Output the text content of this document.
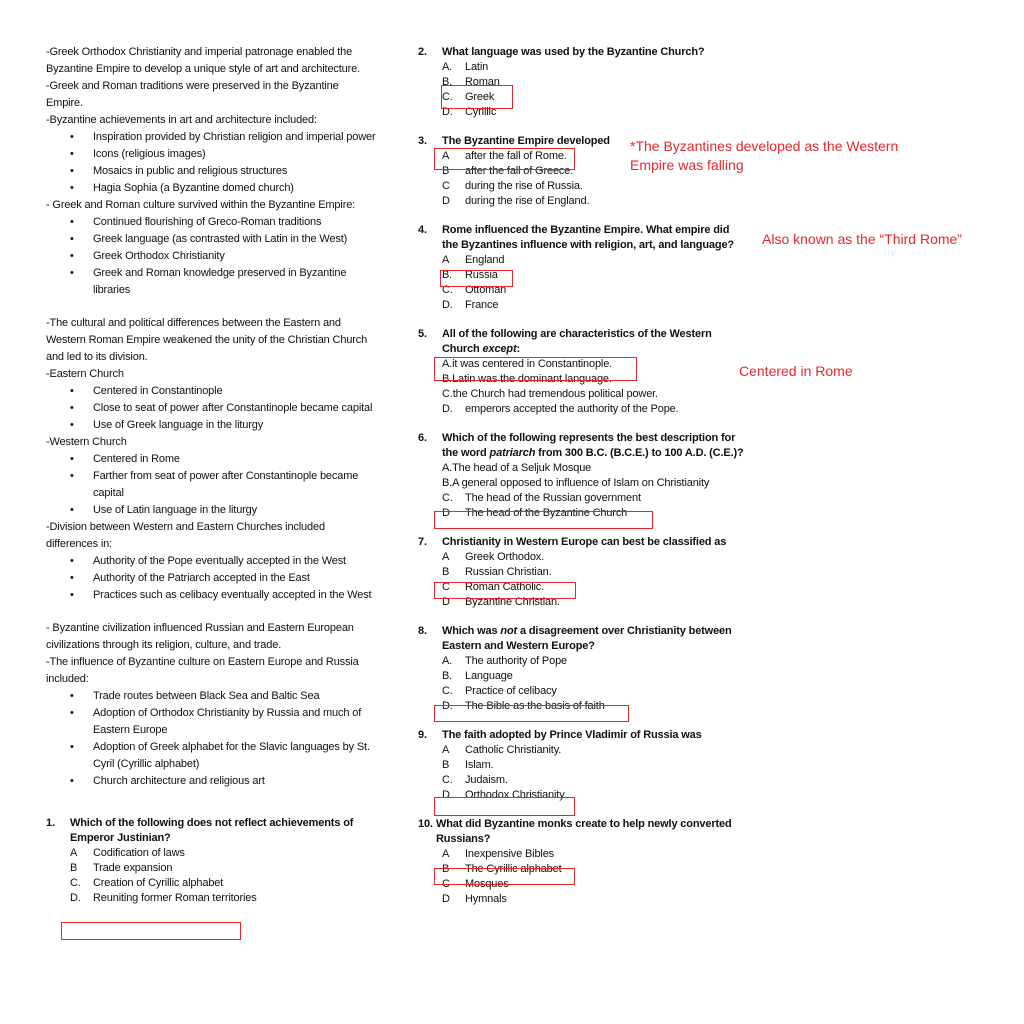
-Greek Orthodox Christianity and imperial patronage enabled the Byzantine Empire to develop a unique style of art and architecture.
-Greek and Roman traditions were preserved in the Byzantine Empire.
-Byzantine achievements in art and architecture included:
• Inspiration provided by Christian religion and imperial power
• Icons (religious images)
• Mosaics in public and religious structures
• Hagia Sophia (a Byzantine domed church)
- Greek and Roman culture survived within the Byzantine Empire:
• Continued flourishing of Greco-Roman traditions
• Greek language (as contrasted with Latin in the West)
• Greek Orthodox Christianity
• Greek and Roman knowledge preserved in Byzantine libraries
-The cultural and political differences between the Eastern and Western Roman Empire weakened the unity of the Christian Church and led to its division.
-Eastern Church
• Centered in Constantinople
• Close to seat of power after Constantinople became capital
• Use of Greek language in the liturgy
-Western Church
• Centered in Rome
• Farther from seat of power after Constantinople became capital
• Use of Latin language in the liturgy
-Division between Western and Eastern Churches included differences in:
• Authority of the Pope eventually accepted in the West
• Authority of the Patriarch accepted in the East
• Practices such as celibacy eventually accepted in the West
- Byzantine civilization influenced Russian and Eastern European civilizations through its religion, culture, and trade.
-The influence of Byzantine culture on Eastern Europe and Russia included:
• Trade routes between Black Sea and Baltic Sea
• Adoption of Orthodox Christianity by Russia and much of Eastern Europe
• Adoption of Greek alphabet for the Slavic languages by St. Cyril (Cyrillic alphabet)
• Church architecture and religious art
1. Which of the following does not reflect achievements of Emperor Justinian?
A Codification of laws
B Trade expansion
C. Creation of Cyrillic alphabet
D. Reuniting former Roman territories
2. What language was used by the Byzantine Church?
A. Latin
B. Roman
C. Greek
D. Cyrillic
3. The Byzantine Empire developed
A after the fall of Rome.
B after the fall of Greece.
C during the rise of Russia.
D during the rise of England.
4. Rome influenced the Byzantine Empire. What empire did the Byzantines influence with religion, art, and language?
A England
B. Russia
C. Ottoman
D. France
5. All of the following are characteristics of the Western Church except:
A.it was centered in Constantinople.
B.Latin was the dominant language.
C.the Church had tremendous political power.
D. emperors accepted the authority of the Pope.
6. Which of the following represents the best description for the word patriarch from 300 B.C. (B.C.E.) to 100 A.D. (C.E.)?
A.The head of a Seljuk Mosque
B.A general opposed to influence of Islam on Christianity
C. The head of the Russian government
D The head of the Byzantine Church
7. Christianity in Western Europe can best be classified as
A Greek Orthodox.
B Russian Christian.
C Roman Catholic.
D Byzantine Christian.
8. Which was not a disagreement over Christianity between Eastern and Western Europe?
A. The authority of Pope
B. Language
C. Practice of celibacy
D. The Bible as the basis of faith
9. The faith adopted by Prince Vladimir of Russia was
A Catholic Christianity.
B Islam.
C. Judaism.
D. Orthodox Christianity.
10. What did Byzantine monks create to help newly converted Russians?
A Inexpensive Bibles
B The Cyrillic alphabet
C Mosques
D Hymnals
*The Byzantines developed as the Western Empire was falling
Also known as the “Third Rome”
Centered in Rome
